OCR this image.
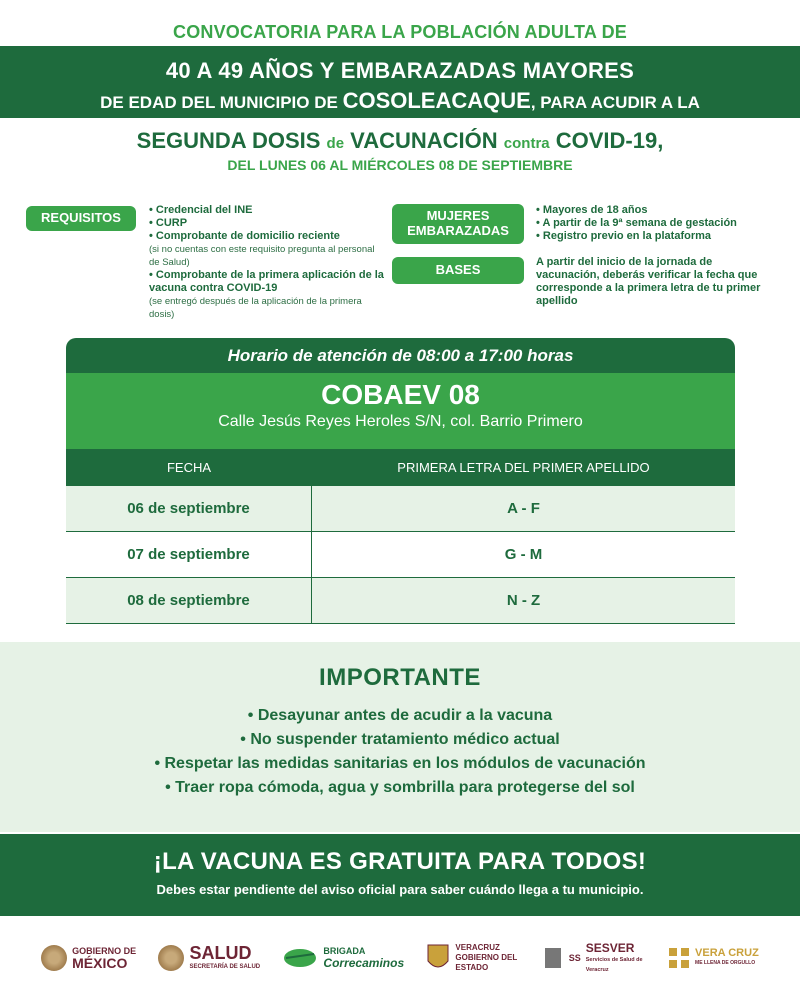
CONVOCATORIA PARA LA POBLACIÓN ADULTA DE
40 A 49 AÑOS Y EMBARAZADAS MAYORES
DE EDAD DEL MUNICIPIO DE COSOLEACAQUE, PARA ACUDIR A LA
SEGUNDA DOSIS de VACUNACIÓN contra COVID-19,
DEL LUNES 06 AL MIÉRCOLES 08 DE SEPTIEMBRE
REQUISITOS
• Credencial del INE
• CURP
• Comprobante de domicilio reciente
(si no cuentas con este requisito pregunta al personal de Salud)
• Comprobante de la primera aplicación de la vacuna contra COVID-19
(se entregó después de la aplicación de la primera dosis)
MUJERES EMBARAZADAS
• Mayores de 18 años
• A partir de la 9ª semana de gestación
• Registro previo en la plataforma
BASES
A partir del inicio de la jornada de vacunación, deberás verificar la fecha que corresponde a la primera letra de tu primer apellido
Horario de atención de 08:00 a 17:00 horas
COBAEV 08
Calle Jesús Reyes Heroles S/N, col. Barrio Primero
FECHA	PRIMERA LETRA DEL PRIMER APELLIDO
06 de septiembre	A - F
07 de septiembre	G - M
08 de septiembre	N - Z
IMPORTANTE
• Desayunar antes de acudir a la vacuna
• No suspender tratamiento médico actual
• Respetar las medidas sanitarias en los módulos de vacunación
• Traer ropa cómoda, agua y sombrilla para protegerse del sol
¡LA VACUNA ES GRATUITA PARA TODOS!
Debes estar pendiente del aviso oficial para saber cuándo llega a tu municipio.
GOBIERNO DE
MÉXICO	SALUD
SECRETARÍA DE SALUD
BRIGADA
Correcaminos
VERACRUZ
GOBIERNO DEL ESTADO
SS
SESVER
Servicios de Salud de Veracruz
VERA CRUZ
ME LLENA DE ORGULLO
